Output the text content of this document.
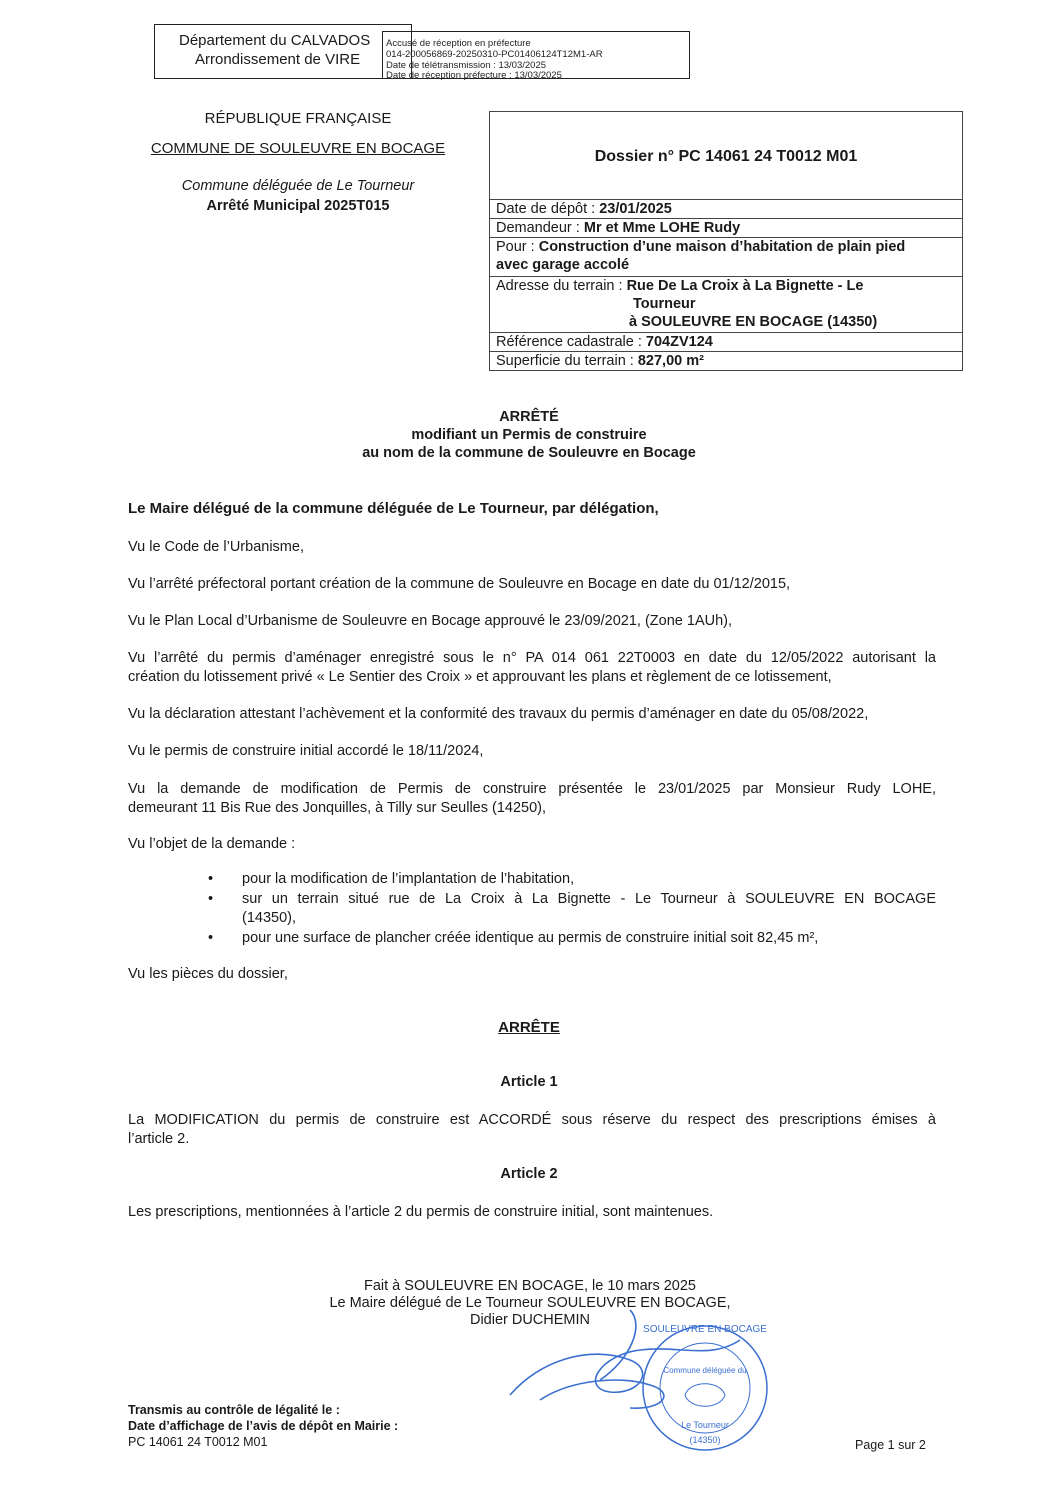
Département du CALVADOS
Arrondissement de VIRE
Accusé de réception en préfecture
014-200056869-20250310-PC01406124T12M1-AR
Date de télétransmission : 13/03/2025
Date de réception préfecture : 13/03/2025
RÉPUBLIQUE FRANÇAISE
COMMUNE DE SOULEUVRE EN BOCAGE
Commune déléguée de Le Tourneur
Arrêté Municipal 2025T015
Dossier n° PC 14061 24 T0012 M01
Date de dépôt : 23/01/2025
Demandeur : Mr et Mme LOHE Rudy
Pour : Construction d’une maison d’habitation de plain pied
avec garage accolé
Adresse du terrain : Rue De La Croix à La Bignette - Le
Tourneur
à SOULEUVRE EN BOCAGE (14350)
Référence cadastrale : 704ZV124
Superficie du terrain : 827,00 m²
ARRÊTÉ
modifiant un Permis de construire
au nom de la commune de Souleuvre en Bocage
Le Maire délégué de la commune déléguée de Le Tourneur, par délégation,
Vu le Code de l’Urbanisme,
Vu l’arrêté préfectoral portant création de la commune de Souleuvre en Bocage en date du 01/12/2015,
Vu le Plan Local d’Urbanisme de Souleuvre en Bocage approuvé le 23/09/2021, (Zone 1AUh),
Vu l’arrêté du permis d’aménager enregistré sous le n° PA 014 061 22T0003 en date du 12/05/2022 autorisant la
création du lotissement privé « Le Sentier des Croix » et approuvant les plans et règlement de ce lotissement,
Vu la déclaration attestant l’achèvement et la conformité des travaux du permis d’aménager en date du 05/08/2022,
Vu le permis de construire initial accordé le 18/11/2024,
Vu la demande de modification de Permis de construire présentée le 23/01/2025 par Monsieur Rudy LOHE,
demeurant 11 Bis Rue des Jonquilles, à Tilly sur Seulles (14250),
Vu l’objet de la demande :
• pour la modification de l’implantation de l’habitation,
• sur un terrain situé rue de La Croix à La Bignette - Le Tourneur à SOULEUVRE EN BOCAGE
(14350),
• pour une surface de plancher créée identique au permis de construire initial soit 82,45 m²,
Vu les pièces du dossier,
ARRÊTE
Article 1
La MODIFICATION du permis de construire est ACCORDÉ sous réserve du respect des prescriptions émises à
l’article 2.
Article 2
Les prescriptions, mentionnées à l’article 2 du permis de construire initial, sont maintenues.
Fait à SOULEUVRE EN BOCAGE, le 10 mars 2025
Le Maire délégué de Le Tourneur SOULEUVRE EN BOCAGE,
Didier DUCHEMIN
SOULEUVRE EN BOCAGE
Commune déléguée du
Le Tourneur
(14350)
Transmis au contrôle de légalité le :
Date d’affichage de l’avis de dépôt en Mairie :
PC 14061 24 T0012 M01	Page 1 sur 2
